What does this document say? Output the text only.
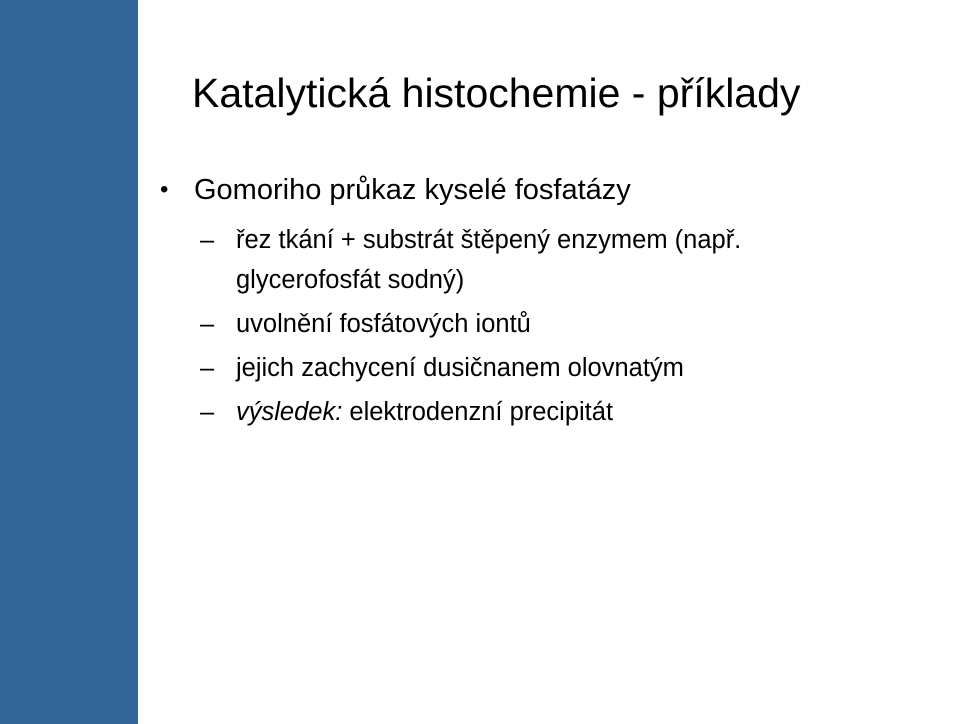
Katalytická histochemie - příklady
• Gomoriho průkaz kyselé fosfatázy
– řez tkání + substrát štěpený enzymem (např.
glycerofosfát sodný)
– uvolnění fosfátových iontů
– jejich zachycení dusičnanem olovnatým
– výsledek: elektrodenzní precipitát
